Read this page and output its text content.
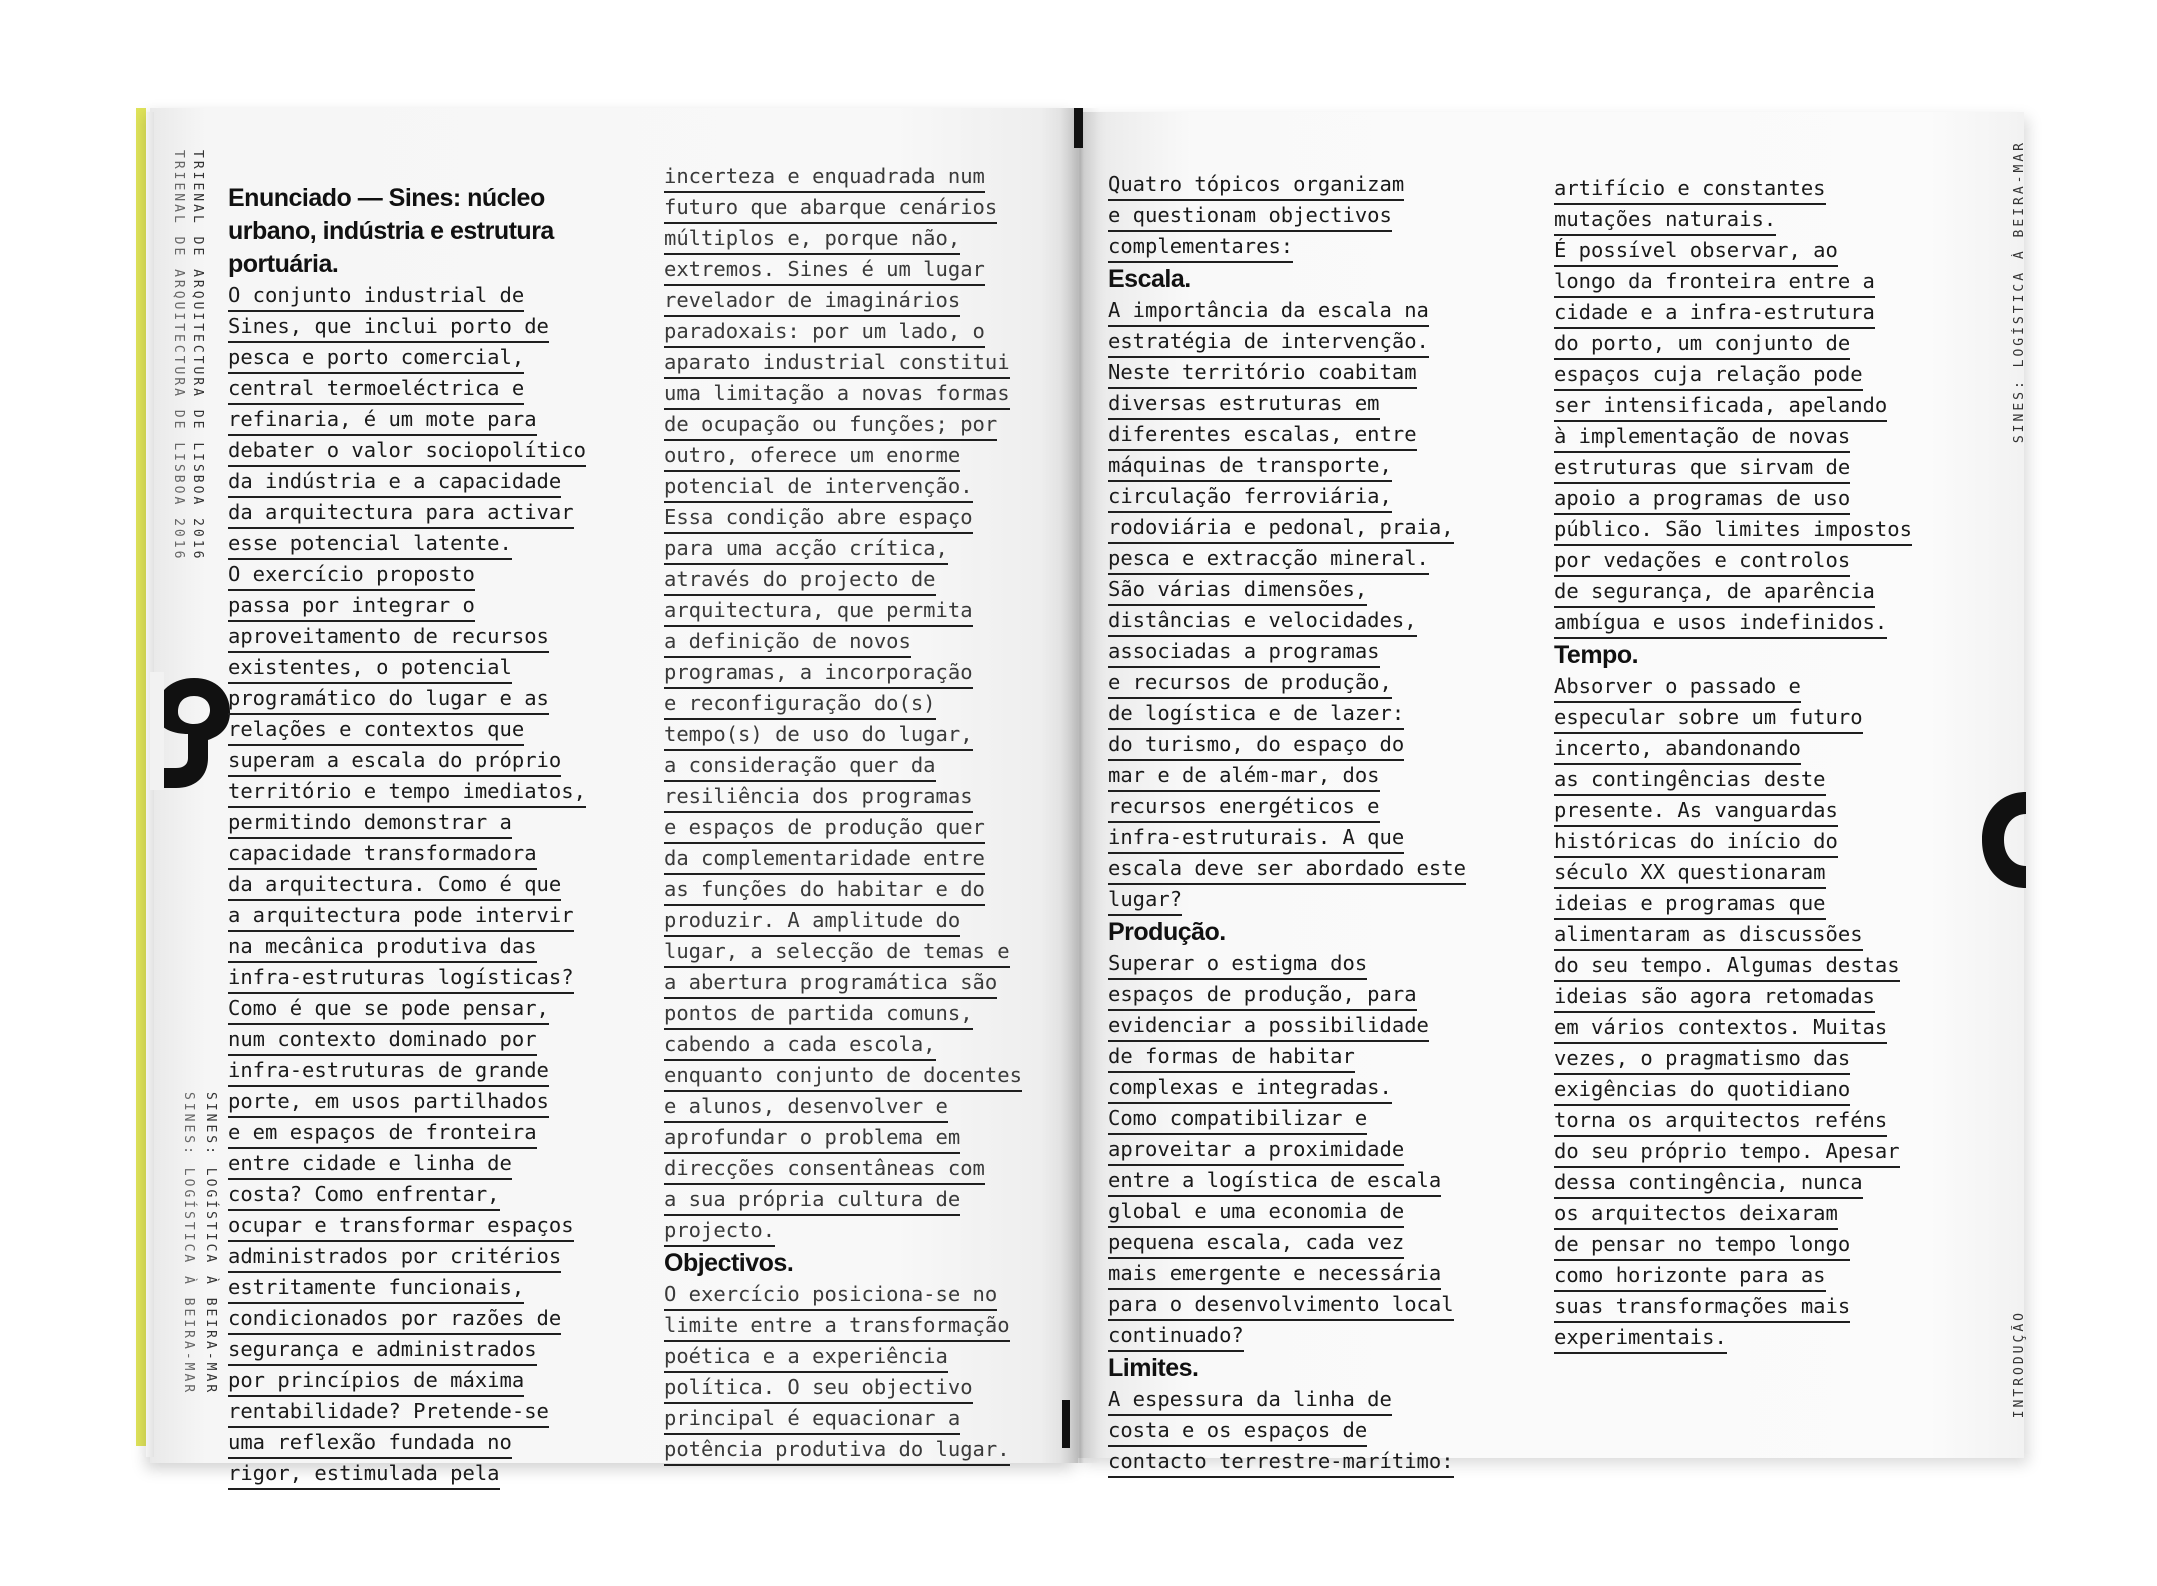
TRIENAL DE ARQUITECTURA DE LISBOA 2016
TRIENAL DE ARQUITECTURA DE LISBOA 2016
SINES: LOGÍSTICA À BEIRA-MAR
SINES: LOGÍSTICA À BEIRA-MAR
SINES: LOGÍSTICA À BEIRA-MAR
INTRODUÇÃO
Enunciado — Sines: núcleo urbano, indústria e estrutura portuária.
O conjunto industrial de
Sines, que inclui porto de
pesca e porto comercial,
central termoeléctrica e
refinaria, é um mote para
debater o valor sociopolítico
da indústria e a capacidade
da arquitectura para activar
esse potencial latente.
O exercício proposto
passa por integrar o
aproveitamento de recursos
existentes, o potencial
programático do lugar e as
relações e contextos que
superam a escala do próprio
território e tempo imediatos,
permitindo demonstrar a
capacidade transformadora
da arquitectura. Como é que
a arquitectura pode intervir
na mecânica produtiva das
infra-estruturas logísticas?
Como é que se pode pensar,
num contexto dominado por
infra-estruturas de grande
porte, em usos partilhados
e em espaços de fronteira
entre cidade e linha de
costa? Como enfrentar,
ocupar e transformar espaços
administrados por critérios
estritamente funcionais,
condicionados por razões de
segurança e administrados
por princípios de máxima
rentabilidade? Pretende-se
uma reflexão fundada no
rigor, estimulada pela
incerteza e enquadrada num
futuro que abarque cenários
múltiplos e, porque não,
extremos. Sines é um lugar
revelador de imaginários
paradoxais: por um lado, o
aparato industrial constitui
uma limitação a novas formas
de ocupação ou funções; por
outro, oferece um enorme
potencial de intervenção.
Essa condição abre espaço
para uma acção crítica,
através do projecto de
arquitectura, que permita
a definição de novos
programas, a incorporação
e reconfiguração do(s)
tempo(s) de uso do lugar,
a consideração quer da
resiliência dos programas
e espaços de produção quer
da complementaridade entre
as funções do habitar e do
produzir. A amplitude do
lugar, a selecção de temas e
a abertura programática são
pontos de partida comuns,
cabendo a cada escola,
enquanto conjunto de docentes
e alunos, desenvolver e
aprofundar o problema em
direcções consentâneas com
a sua própria cultura de
projecto.
Objectivos.
O exercício posiciona-se no
limite entre a transformação
poética e a experiência
política. O seu objectivo
principal é equacionar a
potência produtiva do lugar.
Quatro tópicos organizam
e questionam objectivos
complementares:
Escala.
A importância da escala na
estratégia de intervenção.
Neste território coabitam
diversas estruturas em
diferentes escalas, entre
máquinas de transporte,
circulação ferroviária,
rodoviária e pedonal, praia,
pesca e extracção mineral.
São várias dimensões,
distâncias e velocidades,
associadas a programas
e recursos de produção,
de logística e de lazer:
do turismo, do espaço do
mar e de além-mar, dos
recursos energéticos e
infra-estruturais. A que
escala deve ser abordado este
lugar?
Produção.
Superar o estigma dos
espaços de produção, para
evidenciar a possibilidade
de formas de habitar
complexas e integradas.
Como compatibilizar e
aproveitar a proximidade
entre a logística de escala
global e uma economia de
pequena escala, cada vez
mais emergente e necessária
para o desenvolvimento local
continuado?
Limites.
A espessura da linha de
costa e os espaços de
contacto terrestre-marítimo:
artifício e constantes
mutações naturais.
É possível observar, ao
longo da fronteira entre a
cidade e a infra-estrutura
do porto, um conjunto de
espaços cuja relação pode
ser intensificada, apelando
à implementação de novas
estruturas que sirvam de
apoio a programas de uso
público. São limites impostos
por vedações e controlos
de segurança, de aparência
ambígua e usos indefinidos.
Tempo.
Absorver o passado e
especular sobre um futuro
incerto, abandonando
as contingências deste
presente. As vanguardas
históricas do início do
século XX questionaram
ideias e programas que
alimentaram as discussões
do seu tempo. Algumas destas
ideias são agora retomadas
em vários contextos. Muitas
vezes, o pragmatismo das
exigências do quotidiano
torna os arquitectos reféns
do seu próprio tempo. Apesar
dessa contingência, nunca
os arquitectos deixaram
de pensar no tempo longo
como horizonte para as
suas transformações mais
experimentais.
